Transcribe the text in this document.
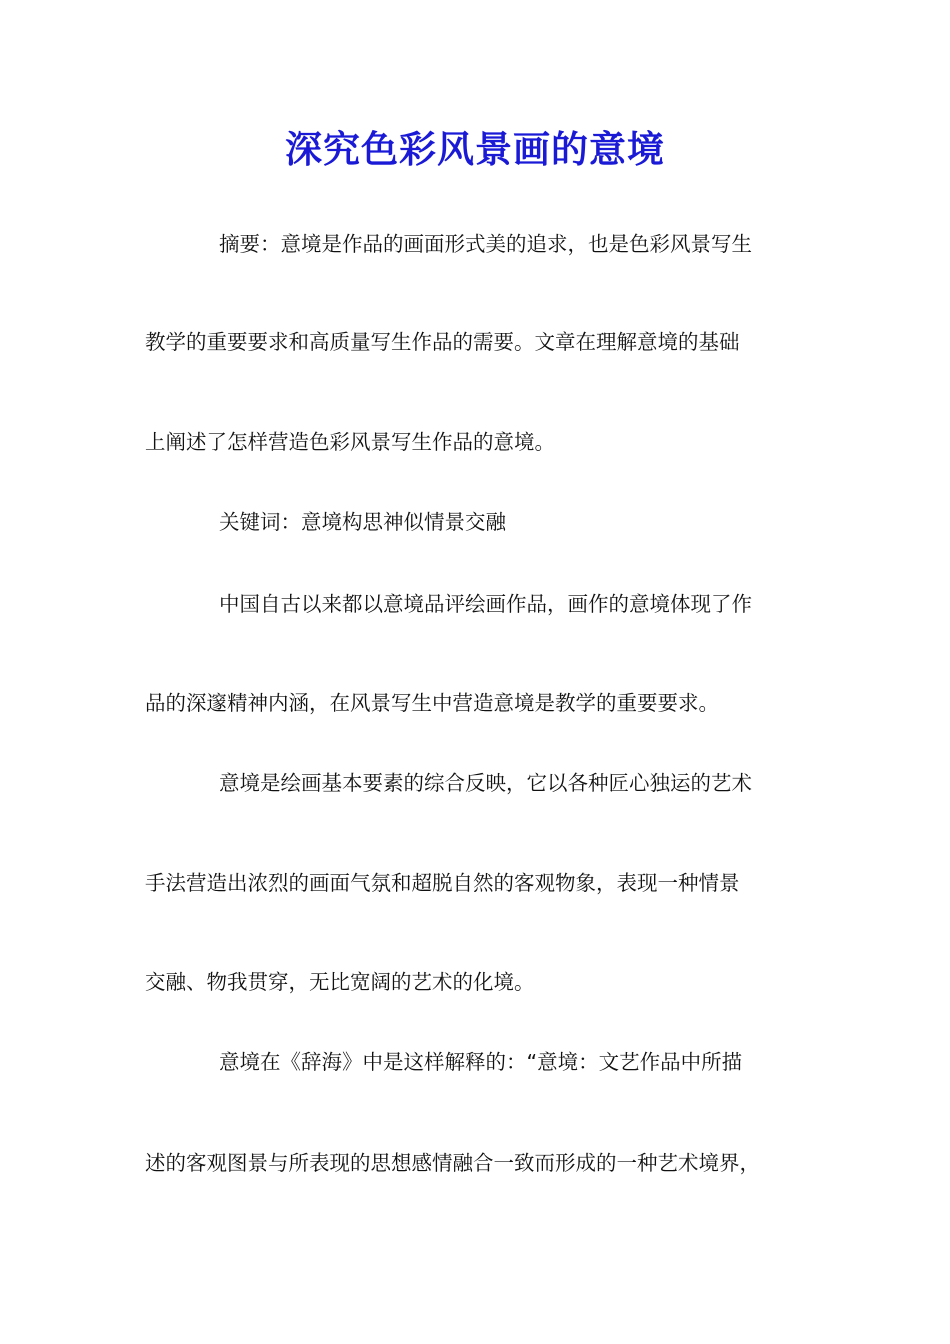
深究色彩风景画的意境
摘要：意境是作品的画面形式美的追求，也是色彩风景写生
教学的重要要求和高质量写生作品的需要。文章在理解意境的基础
上阐述了怎样营造色彩风景写生作品的意境。
关键词：意境构思神似情景交融
中国自古以来都以意境品评绘画作品，画作的意境体现了作
品的深邃精神内涵，在风景写生中营造意境是教学的重要要求。
意境是绘画基本要素的综合反映，它以各种匠心独运的艺术
手法营造出浓烈的画面气氛和超脱自然的客观物象，表现一种情景
交融、物我贯穿，无比宽阔的艺术的化境。
意境在《辞海》中是这样解释的：“意境：文艺作品中所描
述的客观图景与所表现的思想感情融合一致而形成的一种艺术境界，
